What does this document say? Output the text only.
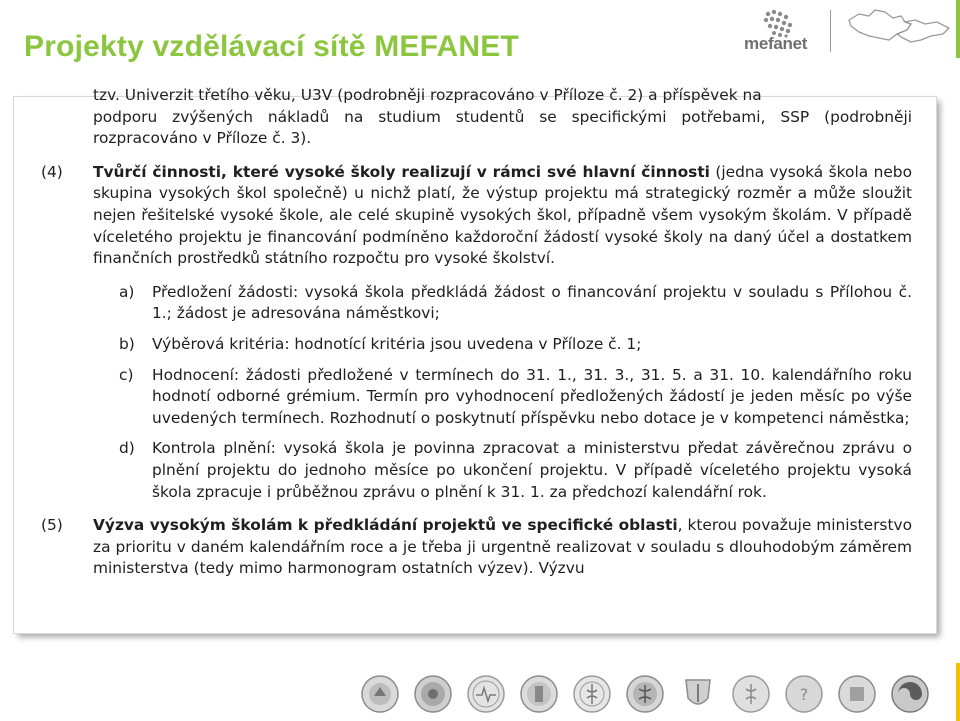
Projekty vzdělávací sítě MEFANET	mefanet
tzv. Univerzit třetího věku, U3V (podrobněji rozpracováno v Příloze č. 2) a příspěvek na
podporu zvýšených nákladů na studium studentů se specifickými potřebami, SSP (podrobněji rozpracováno v Příloze č. 3).
(4) Tvůrčí činnosti, které vysoké školy realizují v rámci své hlavní činnosti (jedna vysoká škola nebo skupina vysokých škol společně) u nichž platí, že výstup projektu má strategický rozměr a může sloužit nejen řešitelské vysoké škole, ale celé skupině vysokých škol, případně všem vysokým školám. V případě víceletého projektu je financování podmíněno každoroční žádostí vysoké školy na daný účel a dostatkem finančních prostředků státního rozpočtu pro vysoké školství.
a) Předložení žádosti: vysoká škola předkládá žádost o financování projektu v souladu s Přílohou č. 1.; žádost je adresována náměstkovi;
b) Výběrová kritéria: hodnotící kritéria jsou uvedena v Příloze č. 1;
c) Hodnocení: žádosti předložené v termínech do 31. 1., 31. 3., 31. 5. a 31. 10. kalendářního roku hodnotí odborné grémium. Termín pro vyhodnocení předložených žádostí je jeden měsíc po výše uvedených termínech. Rozhodnutí o poskytnutí příspěvku nebo dotace je v kompetenci náměstka;
d) Kontrola plnění: vysoká škola je povinna zpracovat a ministerstvu předat závěrečnou zprávu o plnění projektu do jednoho měsíce po ukončení projektu. V případě víceletého projektu vysoká škola zpracuje i průběžnou zprávu o plnění k 31. 1. za předchozí kalendářní rok.
(5) Výzva vysokým školám k předkládání projektů ve specifické oblasti, kterou považuje ministerstvo za prioritu v daném kalendářním roce a je třeba ji urgentně realizovat v souladu s dlouhodobým záměrem ministerstva (tedy mimo harmonogram ostatních výzev). Výzvu
?
